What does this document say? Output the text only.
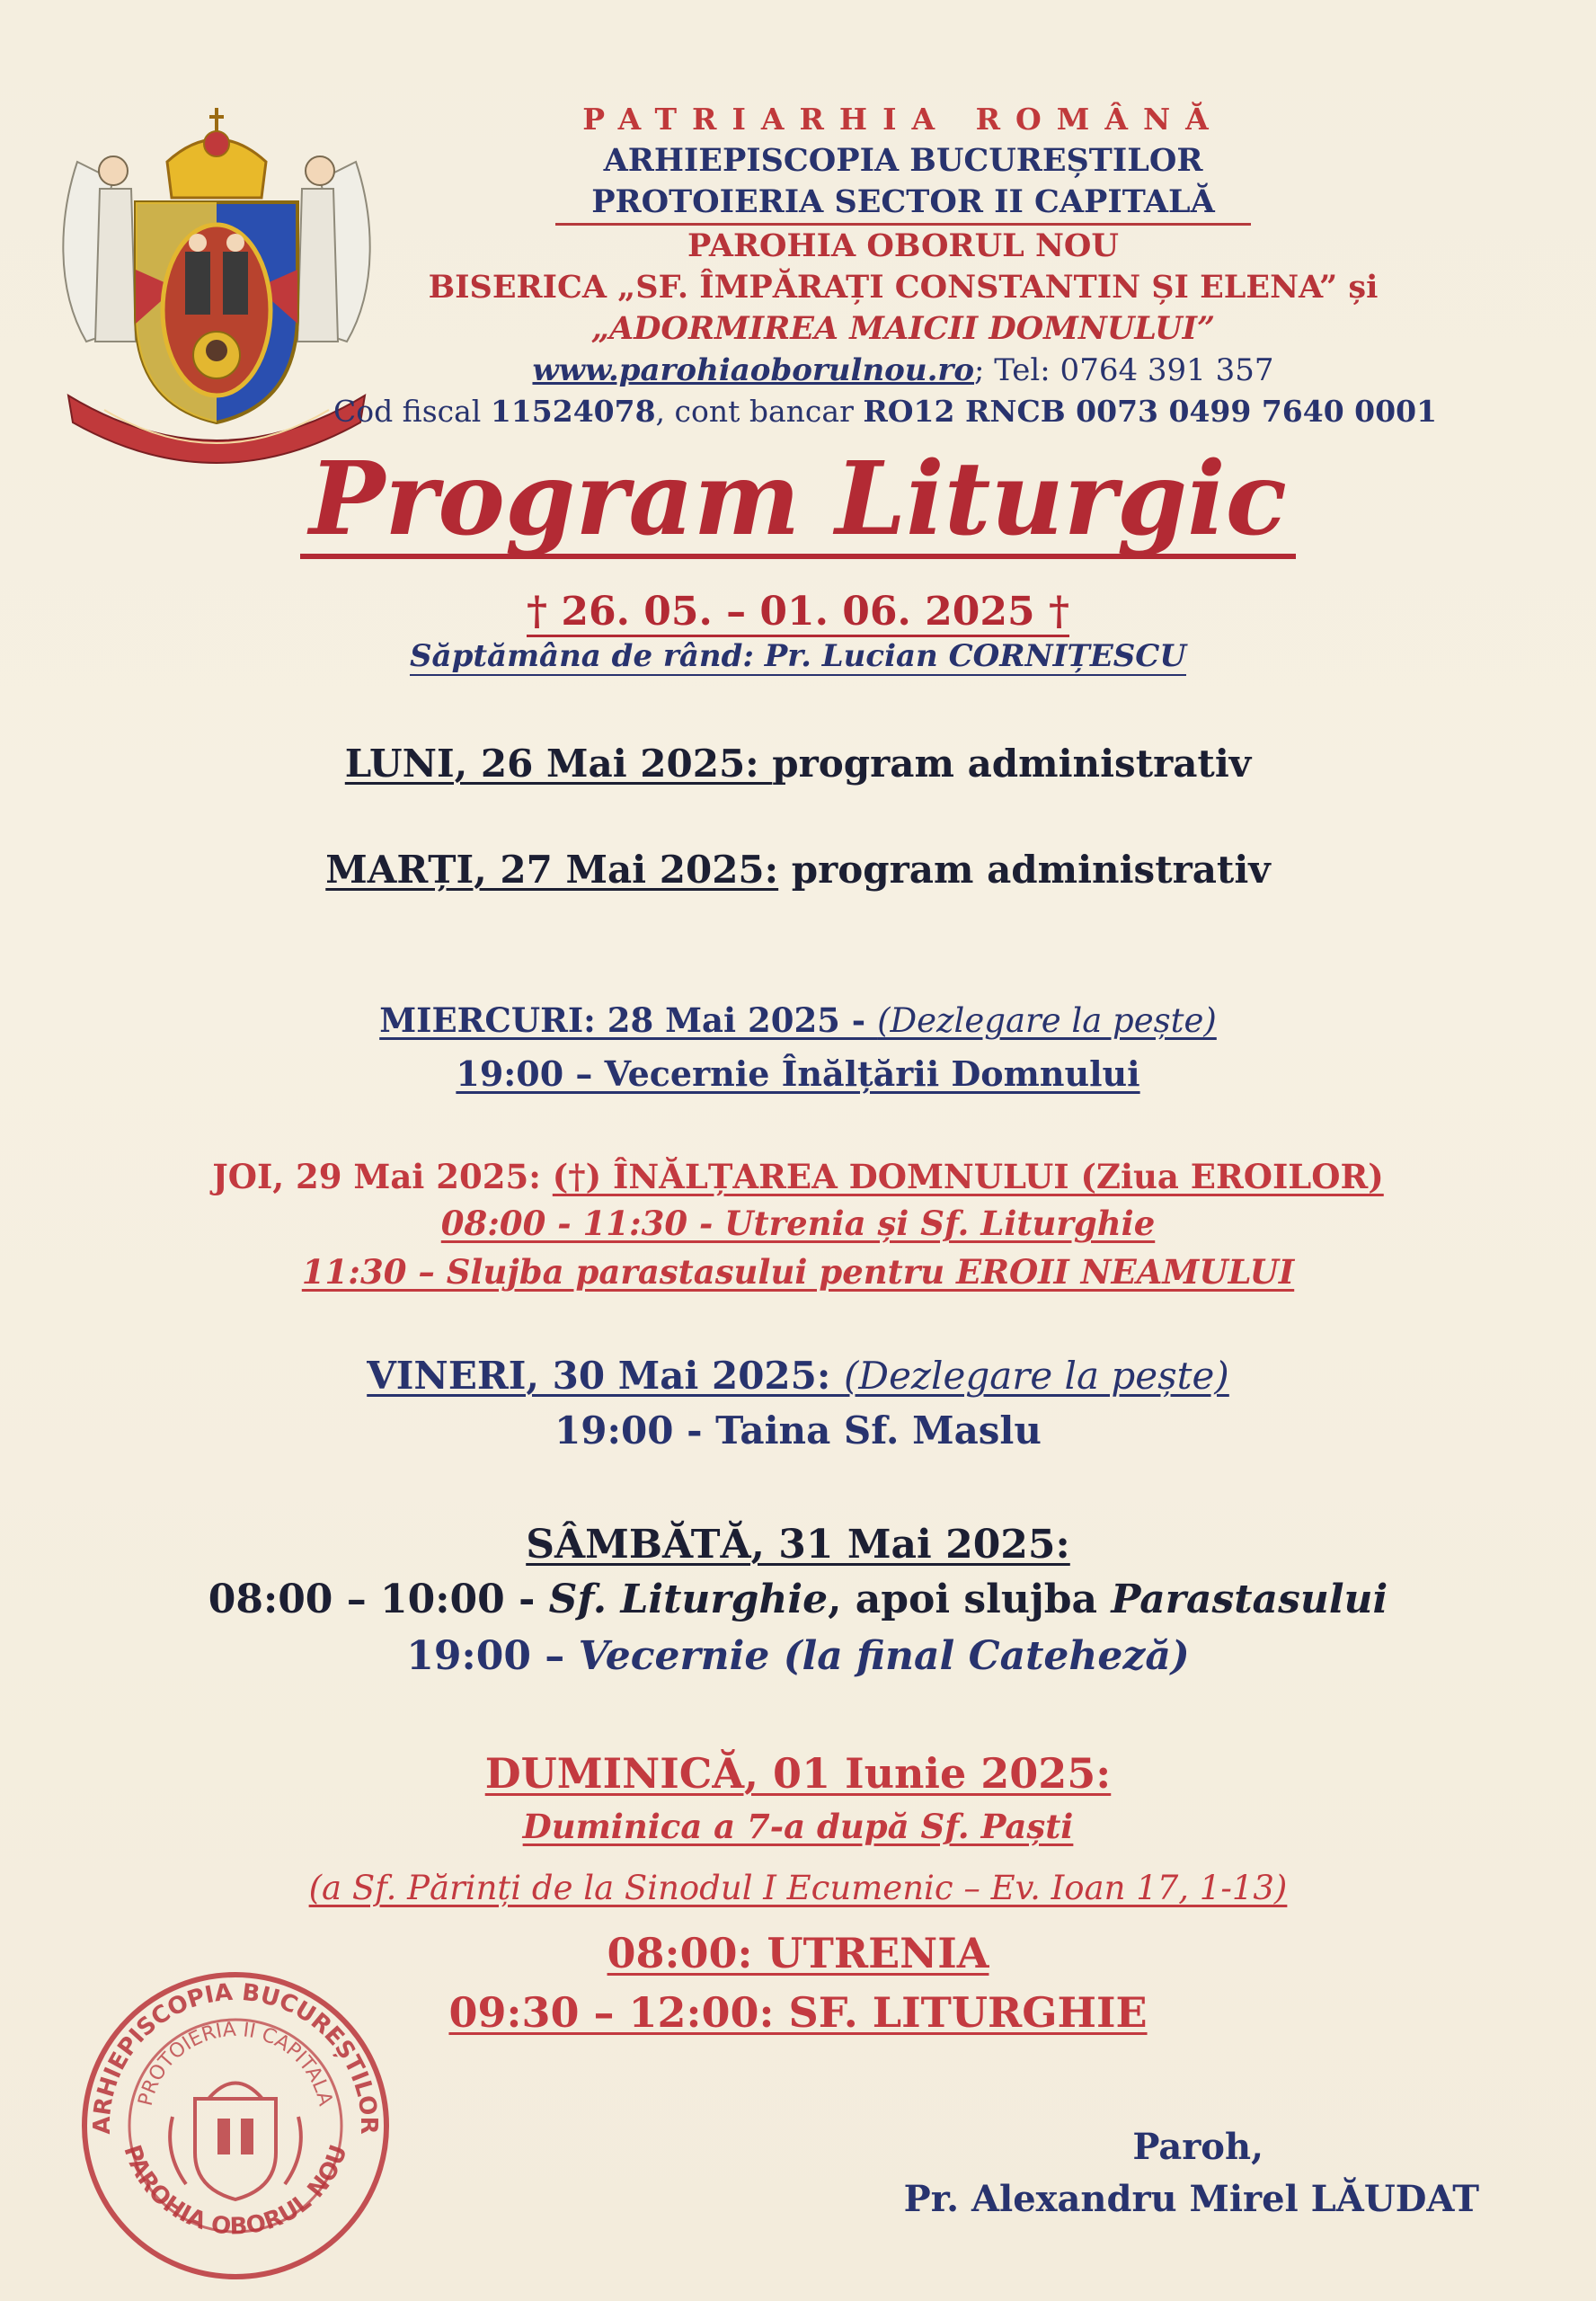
PATRIARHIA ROMÂNĂ
ARHIEPISCOPIA BUCUREȘTILOR
PROTOIERIA SECTOR II CAPITALĂ
PAROHIA OBORUL NOU
BISERICA „SF. ÎMPĂRAȚI CONSTANTIN ȘI ELENA” și
„ADORMIREA MAICII DOMNULUI”
www.parohiaoborulnou.ro; Tel: 0764 391 357
Cod fiscal 11524078, cont bancar RO12 RNCB 0073 0499 7640 0001
Program Liturgic
† 26. 05. – 01. 06. 2025 †
Săptămâna de rând: Pr. Lucian CORNIȚESCU
LUNI, 26 Mai 2025: program administrativ
MARȚI, 27 Mai 2025: program administrativ
MIERCURI: 28 Mai 2025 - (Dezlegare la pește)
19:00 – Vecernie Înălțării Domnului
JOI, 29 Mai 2025: (†) ÎNĂLȚAREA DOMNULUI (Ziua EROILOR)
08:00 - 11:30 - Utrenia și Sf. Liturghie
11:30 – Slujba parastasului pentru EROII NEAMULUI
VINERI, 30 Mai 2025: (Dezlegare la pește)
19:00 - Taina Sf. Maslu
SÂMBĂTĂ, 31 Mai 2025:
08:00 – 10:00 - Sf. Liturghie, apoi slujba Parastasului
19:00 – Vecernie (la final Cateheză)
DUMINICĂ, 01 Iunie 2025:
Duminica a 7-a după Sf. Paști
(a Sf. Părinți de la Sinodul I Ecumenic – Ev. Ioan 17, 1-13)
08:00: UTRENIA
09:30 – 12:00: SF. LITURGHIE
ARHIEPISCOPIA BUCUREȘTILOR
PROTOIERIA II CAPITALA
PAROHIA OBORUL NOU	Paroh,
Pr. Alexandru Mirel LĂUDAT
